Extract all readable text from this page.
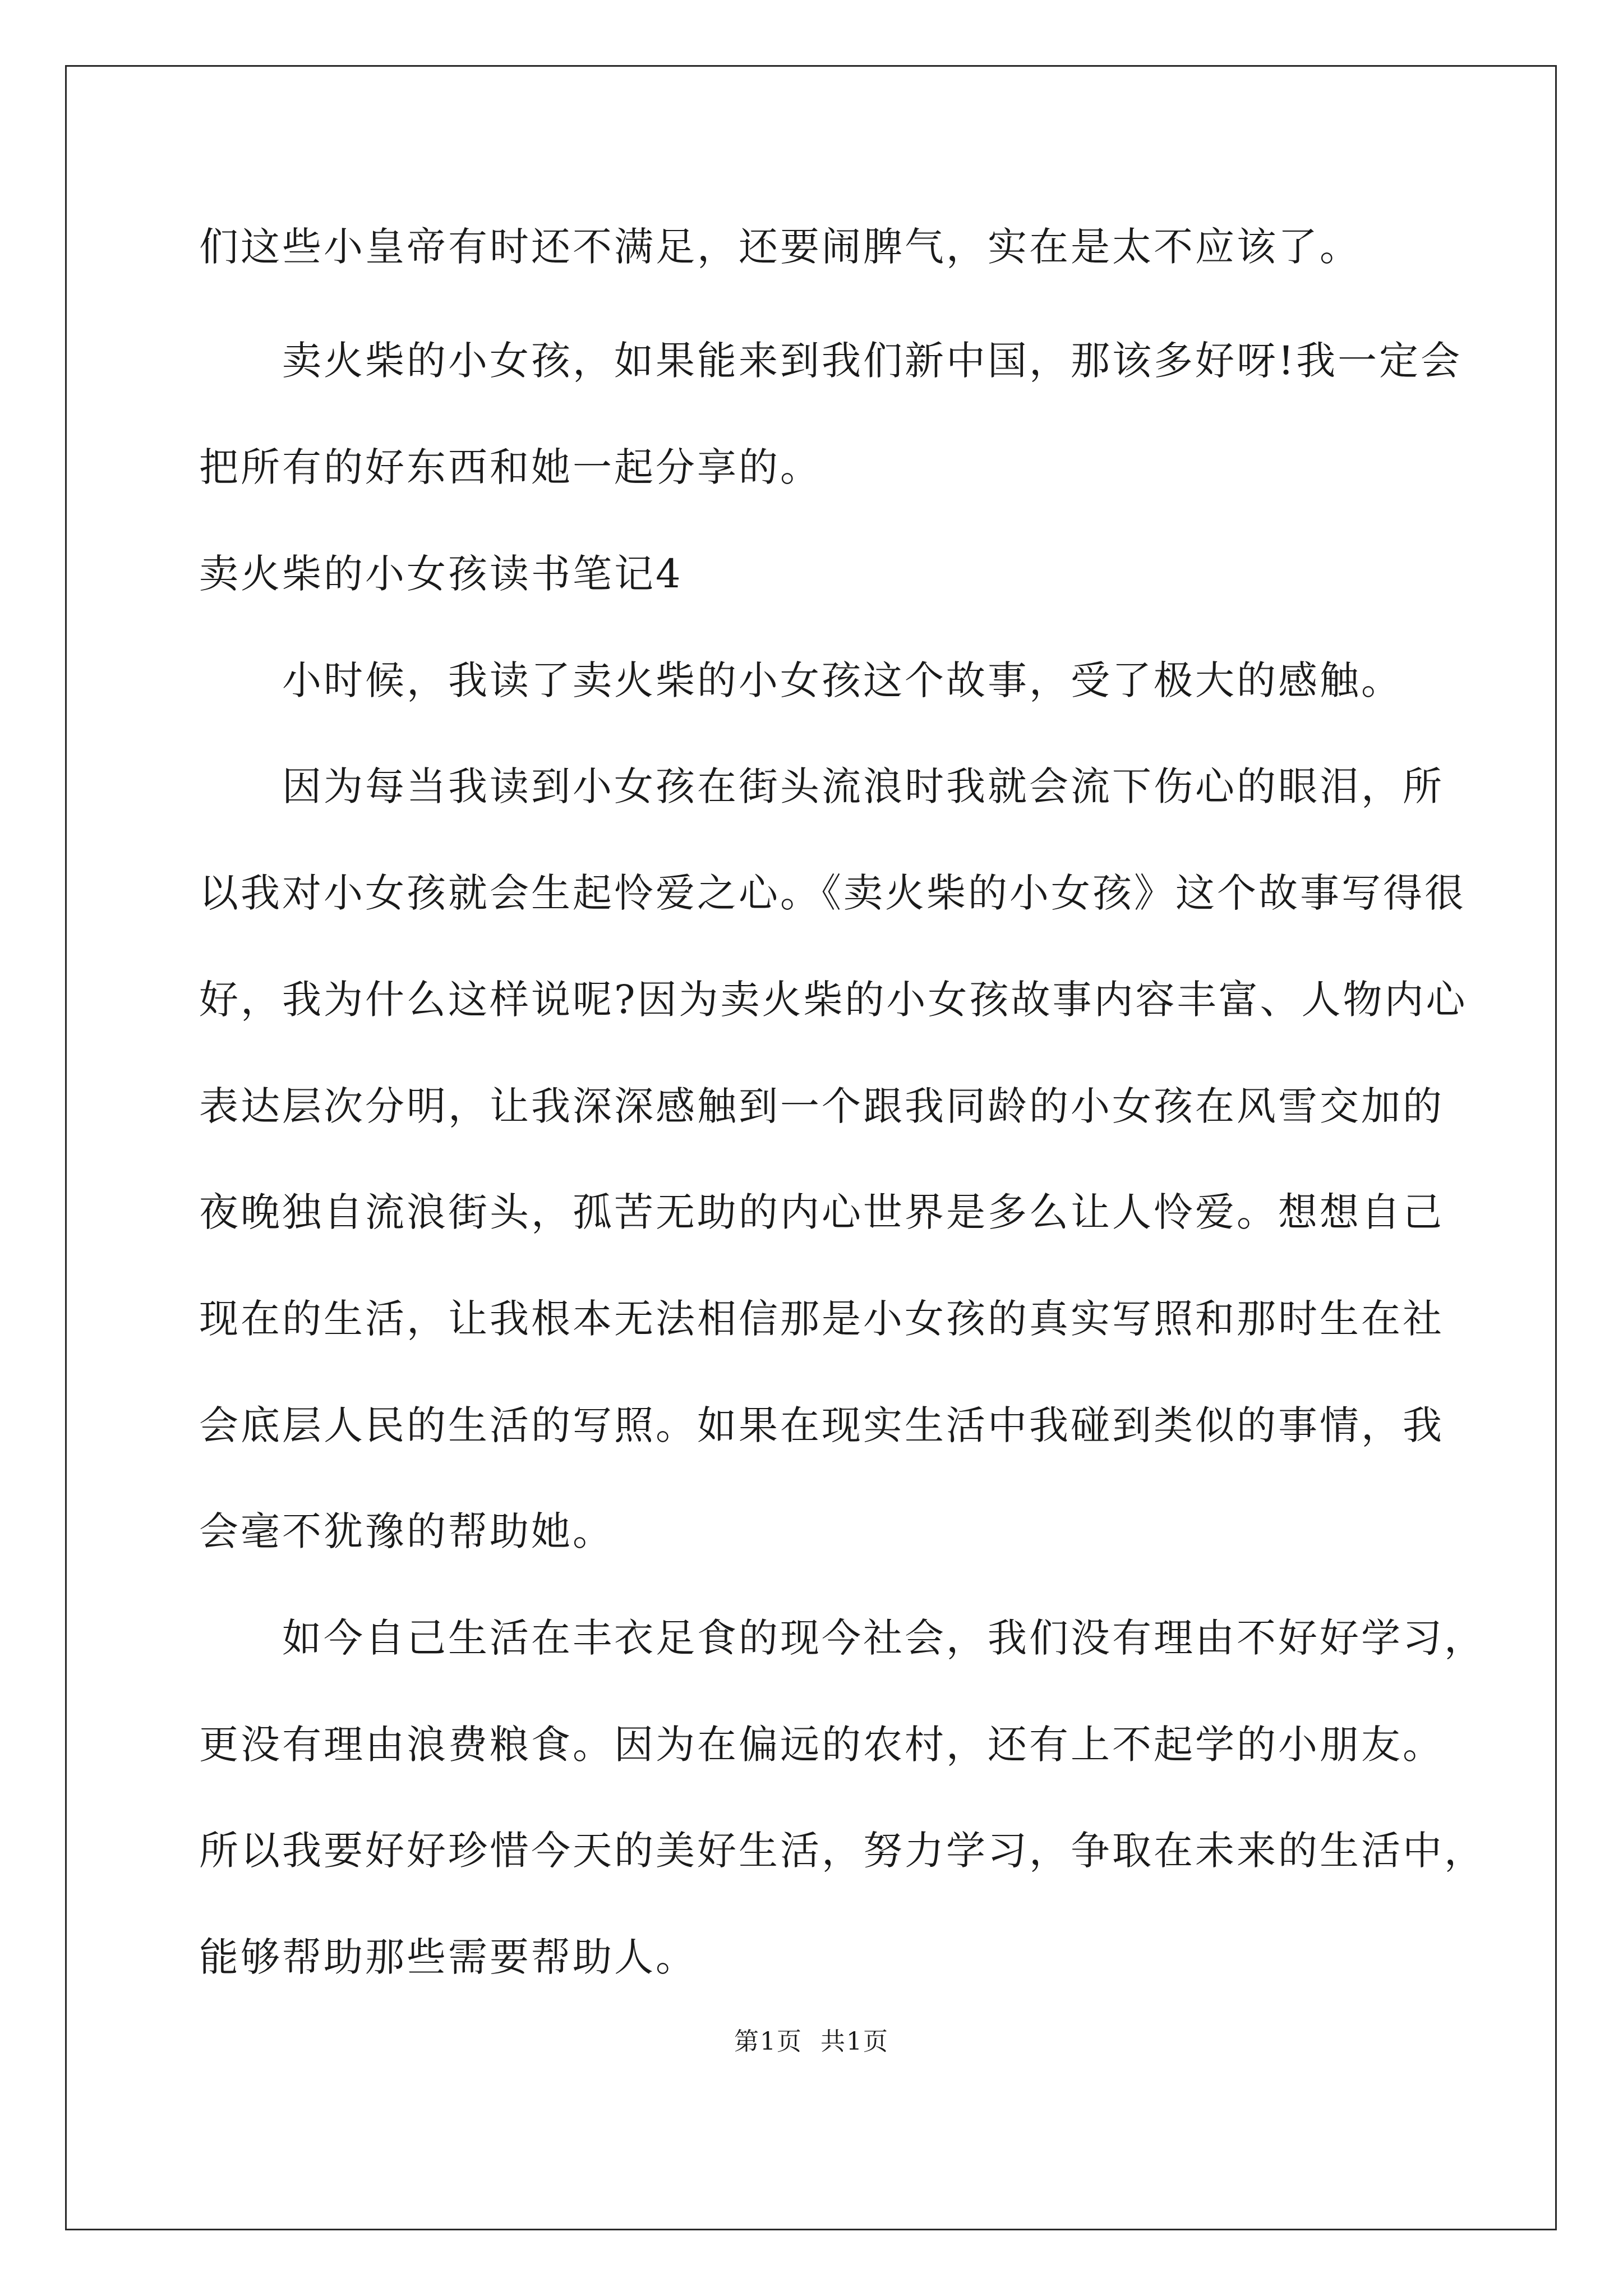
们这些小皇帝有时还不满足，还要闹脾气，实在是太不应该了。
卖火柴的小女孩，如果能来到我们新中国，那该多好呀!我一定会
把所有的好东西和她一起分享的。
卖火柴的小女孩读书笔记4
小时候，我读了卖火柴的小女孩这个故事，受了极大的感触。
因为每当我读到小女孩在街头流浪时我就会流下伤心的眼泪，所
以我对小女孩就会生起怜爱之心。《卖火柴的小女孩》这个故事写得很
好，我为什么这样说呢?因为卖火柴的小女孩故事内容丰富、人物内心
表达层次分明，让我深深感触到一个跟我同龄的小女孩在风雪交加的
夜晚独自流浪街头，孤苦无助的内心世界是多么让人怜爱。想想自己
现在的生活，让我根本无法相信那是小女孩的真实写照和那时生在社
会底层人民的生活的写照。如果在现实生活中我碰到类似的事情，我
会毫不犹豫的帮助她。
如今自己生活在丰衣足食的现今社会，我们没有理由不好好学习，
更没有理由浪费粮食。因为在偏远的农村，还有上不起学的小朋友。
所以我要好好珍惜今天的美好生活，努力学习，争取在未来的生活中，
能够帮助那些需要帮助人。
第1页 共1页
